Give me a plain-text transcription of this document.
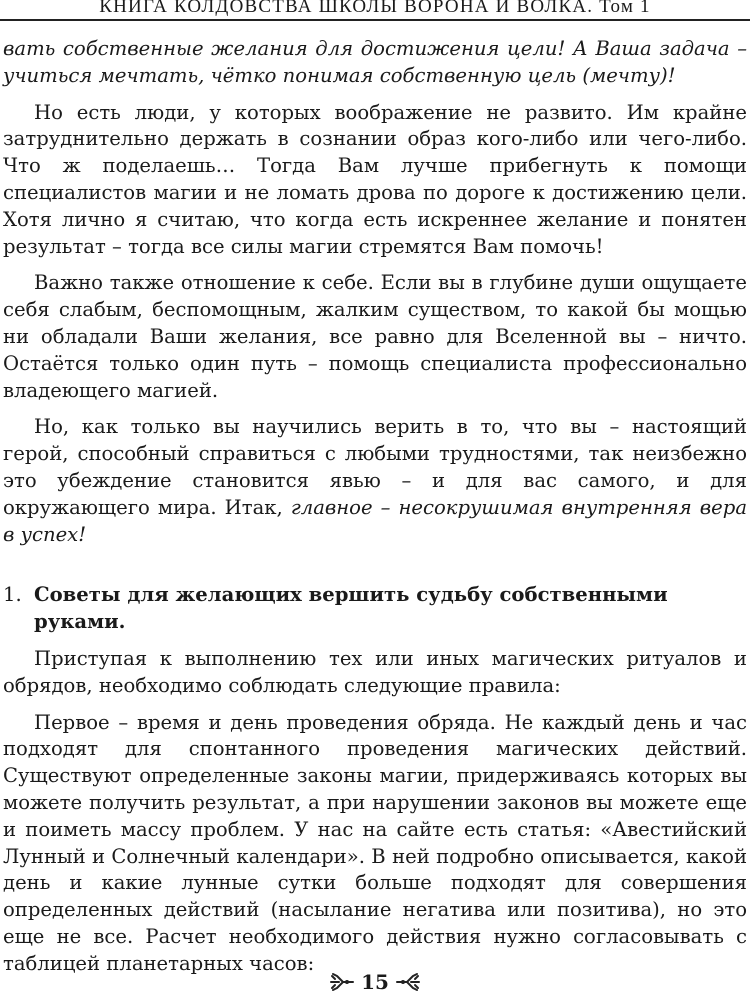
КНИГА КОЛДОВСТВА ШКОЛЫ ВОРОНА И ВОЛКА. Том 1

вать собственные желания для достижения цели! А Ваша задача – учиться мечтать, чётко понимая собственную цель (мечту)!

Но есть люди, у которых воображение не развито. Им крайне затруднительно держать в сознании образ кого-либо или чего-либо. Что ж поделаешь… Тогда Вам лучше прибегнуть к помощи специалистов магии и не ломать дрова по дороге к достижению цели. Хотя лично я считаю, что когда есть искреннее желание и понятен результат – тогда все силы магии стремятся Вам помочь!

Важно также отношение к себе. Если вы в глубине души ощущаете себя слабым, беспомощным, жалким существом, то какой бы мощью ни обладали Ваши желания, все равно для Вселенной вы – ничто. Остаётся только один путь – помощь специалиста профессионально владеющего магией.

Но, как только вы научились верить в то, что вы – настоящий герой, способный справиться с любыми трудностями, так неизбежно это убеждение становится явью – и для вас самого, и для окружающего мира. Итак, главное – несокрушимая внутренняя вера в успех!

1. Советы для желающих вершить судьбу собственными руками.

Приступая к выполнению тех или иных магических ритуалов и обрядов, необходимо соблюдать следующие правила:

Первое – время и день проведения обряда. Не каждый день и час подходят для спонтанного проведения магических действий. Существуют определенные законы магии, придерживаясь которых вы можете получить результат, а при нарушении законов вы можете еще и поиметь массу проблем. У нас на сайте есть статья: «Авестийский Лунный и Солнечный календари». В ней подробно описывается, какой день и какие лунные сутки больше подходят для совершения определенных действий (насылание негатива или позитива), но это еще не все. Расчет необходимого действия нужно согласовывать с таблицей планетарных часов:

15
